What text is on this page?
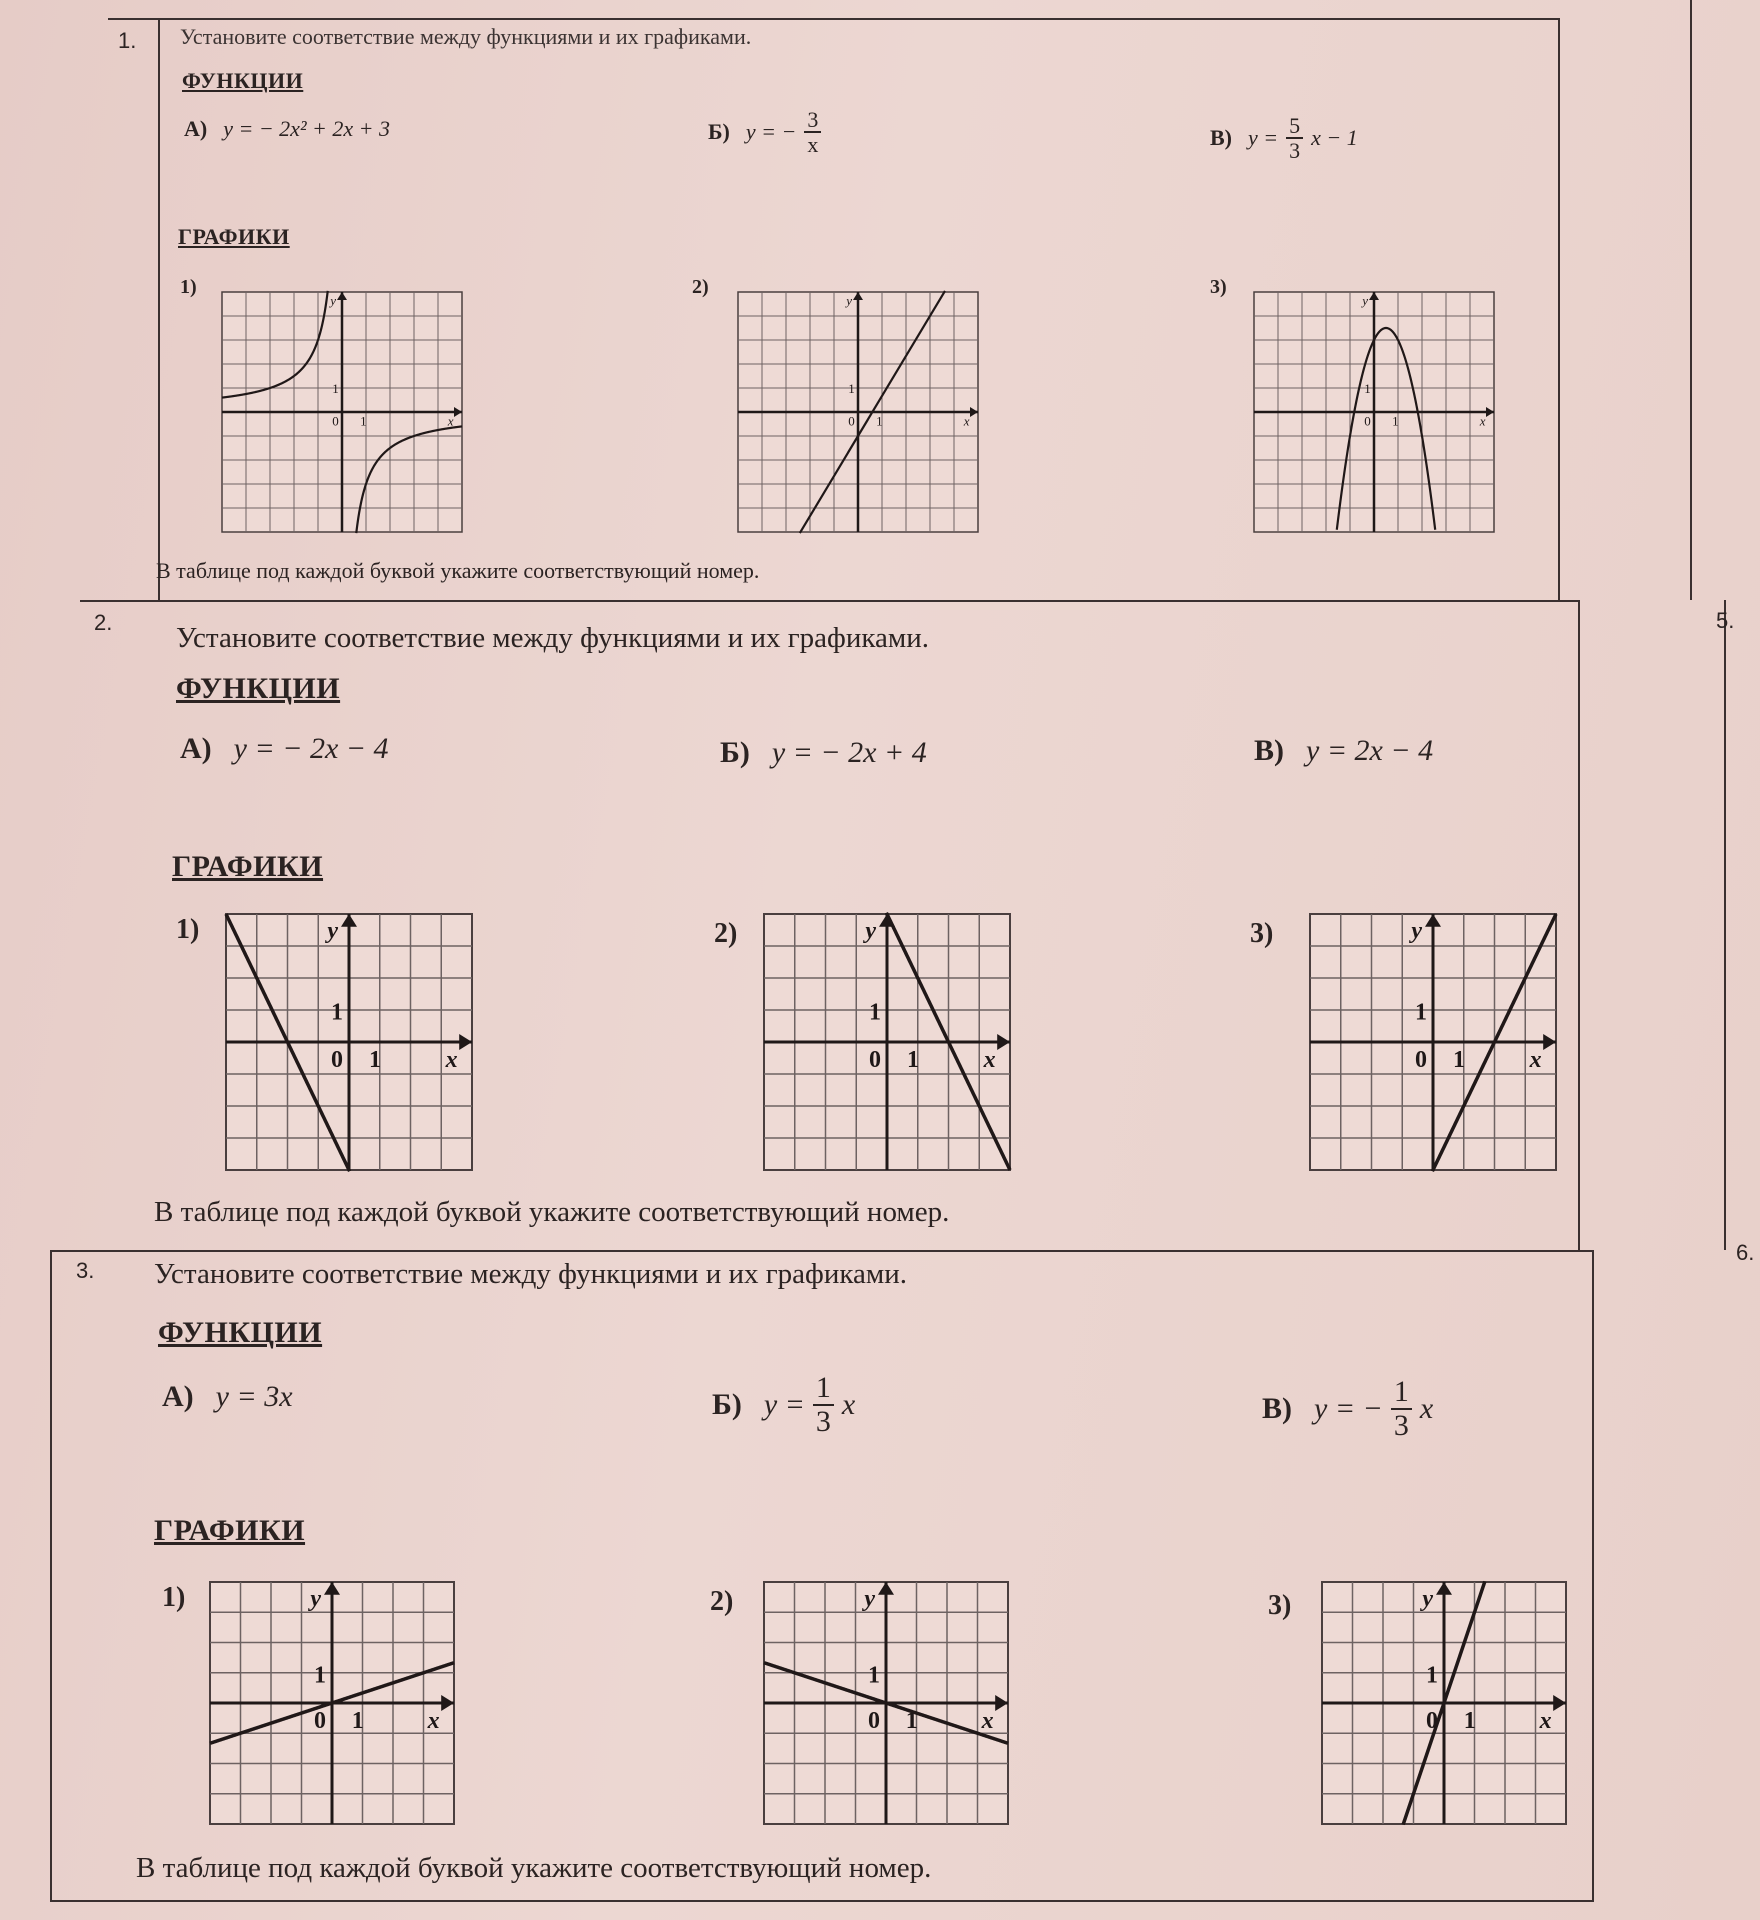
1. Установите соответствие между функциями и их графиками.
ФУНКЦИИ
А) y = − 2x² + 2x + 3	Б) y = − $\frac{3}{x}$	В) $y = \frac{5}{3}$ x − 1
ГРАФИКИ
1)
y
x
0 1
1
2)
y
x
0 1
1
3)
y
x
0 1
1
В таблице под каждой буквой укажите соответствующий номер.
2. Установите соответствие между функциями и их графиками.
ФУНКЦИИ
А) y = − 2x − 4	Б) y = − 2x + 4	В) y = 2x − 4
ГРАФИКИ
1)	y
x
0 1
1
2)	y
x
0 1
1
3)	y
x
0 1
1
В таблице под каждой буквой укажите соответствующий номер.
3. Установите соответствие между функциями и их графиками.
ФУНКЦИИ
А) y = 3x	Б) $y = \frac{1}{3}$ x	В) y = − $\frac{1}{3}$ x
ГРАФИКИ
1)	y
x
0 1
1
2)	y
x
0 1
1
3)	y
x
0 1
1
В таблице под каждой буквой укажите соответствующий номер.
5.
6.
